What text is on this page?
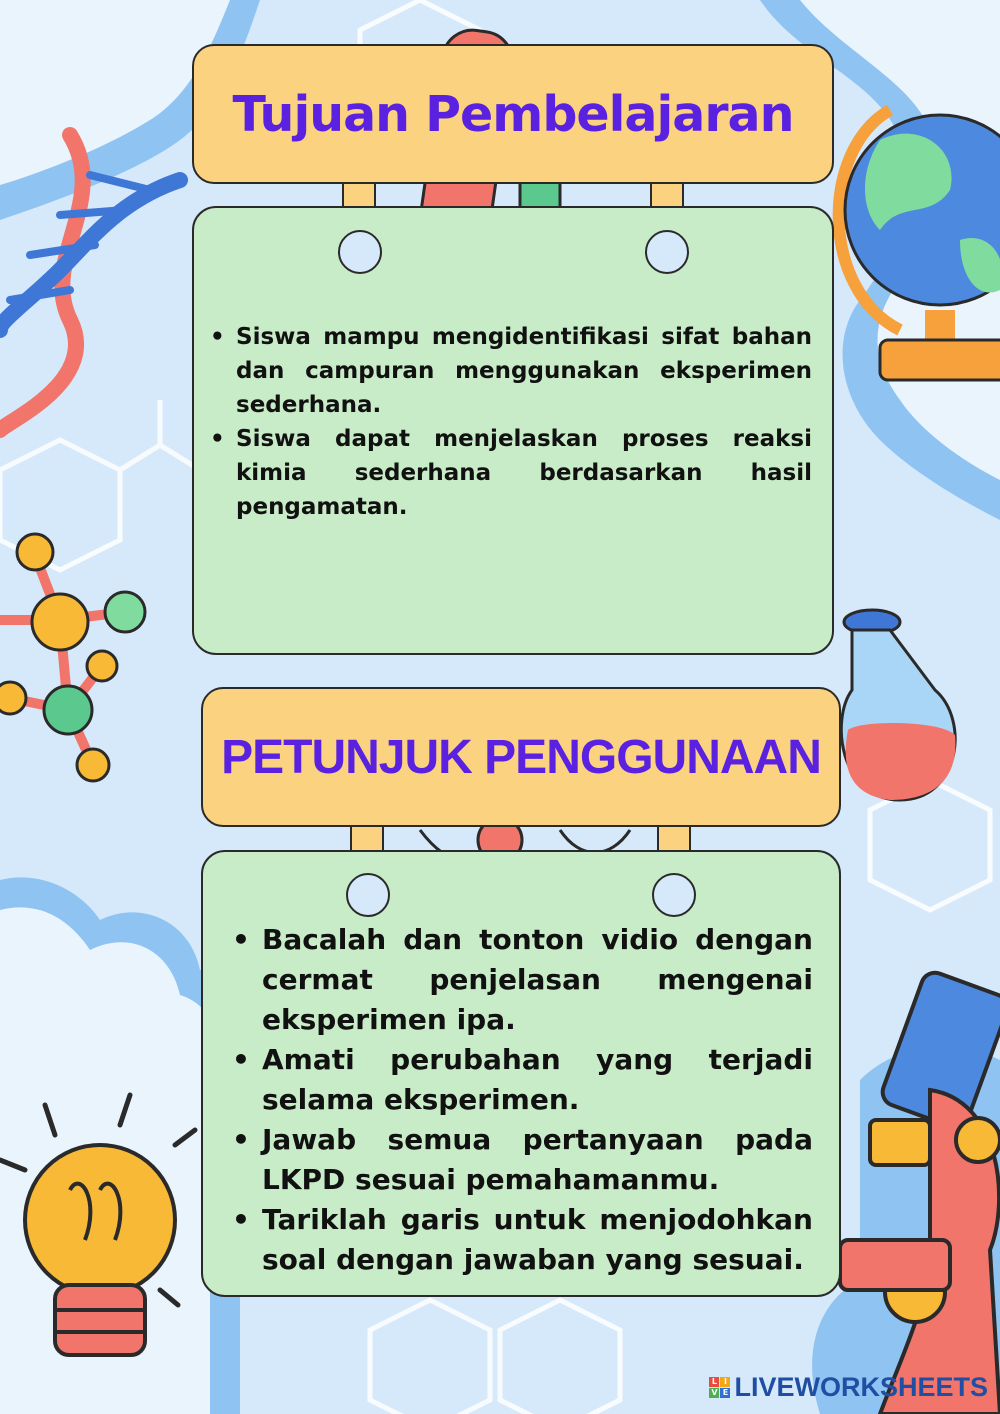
Tujuan Pembelajaran
• Siswa mampu mengidentifikasi sifat bahan dan campuran menggunakan eksperimen sederhana.
• Siswa dapat menjelaskan proses reaksi kimia sederhana berdasarkan hasil pengamatan.
PETUNJUK PENGGUNAAN
• Bacalah dan tonton vidio dengan cermat penjelasan mengenai eksperimen ipa.
• Amati perubahan yang terjadi selama eksperimen.
• Jawab semua pertanyaan pada LKPD sesuai pemahamanmu.
• Tariklah garis untuk menjodohkan soal dengan jawaban yang sesuai.
L I
V E LIVEWORKSHEETS
